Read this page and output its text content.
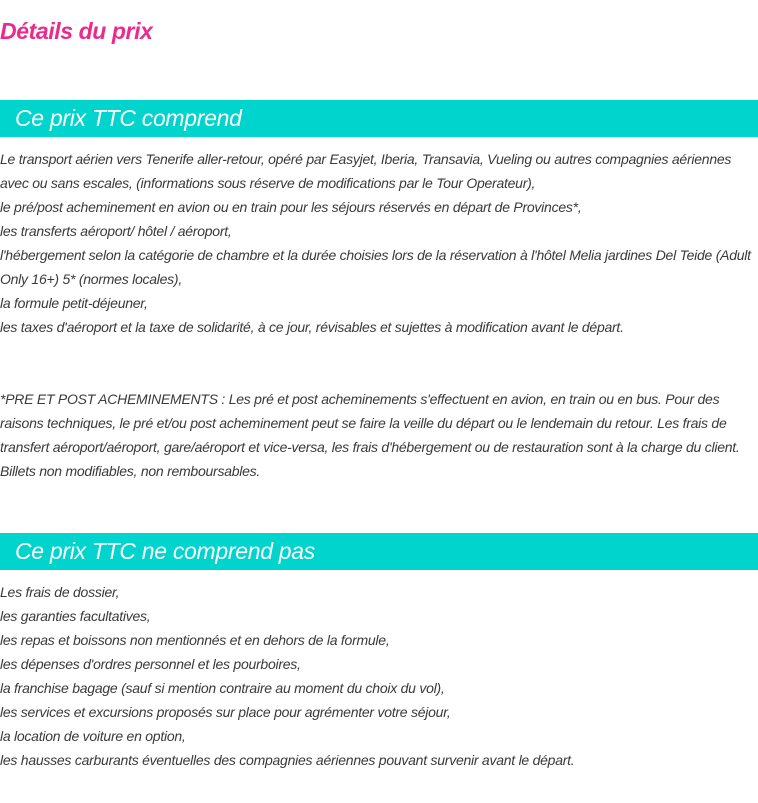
Détails du prix
Ce prix TTC comprend
Le transport aérien vers Tenerife aller-retour, opéré par Easyjet, Iberia, Transavia, Vueling ou autres compagnies aériennes avec ou sans escales, (informations sous réserve de modifications par le Tour Operateur),
le pré/post acheminement en avion ou en train pour les séjours réservés en départ de Provinces*,
les transferts aéroport/ hôtel / aéroport,
l'hébergement selon la catégorie de chambre et la durée choisies lors de la réservation à l'hôtel Melia jardines Del Teide (Adult Only 16+) 5* (normes locales),
la formule petit-déjeuner,
les taxes d'aéroport et la taxe de solidarité, à ce jour, révisables et sujettes à modification avant le départ.

*PRE ET POST ACHEMINEMENTS : Les pré et post acheminements s'effectuent en avion, en train ou en bus. Pour des raisons techniques, le pré et/ou post acheminement peut se faire la veille du départ ou le lendemain du retour. Les frais de transfert aéroport/aéroport, gare/aéroport et vice-versa, les frais d'hébergement ou de restauration sont à la charge du client. Billets non modifiables, non remboursables.

Ce prix TTC ne comprend pas
Les frais de dossier,
les garanties facultatives,
les repas et boissons non mentionnés et en dehors de la formule,
les dépenses d'ordres personnel et les pourboires,
la franchise bagage (sauf si mention contraire au moment du choix du vol),
les services et excursions proposés sur place pour agrémenter votre séjour,
la location de voiture en option,
les hausses carburants éventuelles des compagnies aériennes pouvant survenir avant le départ.
